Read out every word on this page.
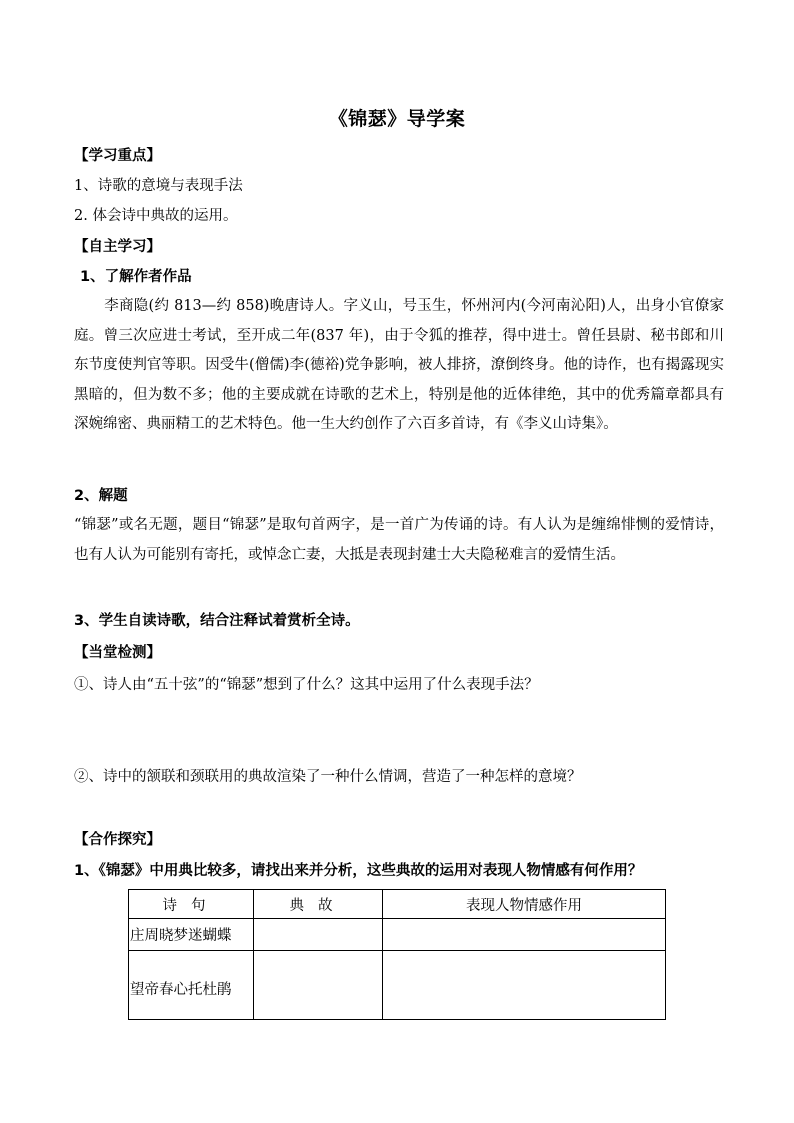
《锦瑟》导学案
【学习重点】
1、诗歌的意境与表现手法
2. 体会诗中典故的运用。
【自主学习】
1、了解作者作品
李商隐(约 813—约 858)晚唐诗人。字义山，号玉生，怀州河内(今河南沁阳)人，出身小官僚家庭。曾三次应进士考试，至开成二年(837 年)，由于令狐的推荐，得中进士。曾任县尉、秘书郎和川东节度使判官等职。因受牛(僧儒)李(德裕)党争影响，被人排挤，潦倒终身。他的诗作，也有揭露现实黑暗的，但为数不多；他的主要成就在诗歌的艺术上，特别是他的近体律绝，其中的优秀篇章都具有深婉绵密、典丽精工的艺术特色。他一生大约创作了六百多首诗，有《李义山诗集》。
2、解题
“锦瑟”或名无题，题目“锦瑟”是取句首两字，是一首广为传诵的诗。有人认为是缠绵悱恻的爱情诗，也有人认为可能别有寄托，或悼念亡妻，大抵是表现封建士大夫隐秘难言的爱情生活。
3、学生自读诗歌，结合注释试着赏析全诗。
【当堂检测】
①、诗人由“五十弦”的“锦瑟”想到了什么？这其中运用了什么表现手法？
②、诗中的颔联和颈联用的典故渲染了一种什么情调，营造了一种怎样的意境？
【合作探究】
1、《锦瑟》中用典比较多，请找出来并分析，这些典故的运用对表现人物情感有何作用？
诗句	典故	表现人物情感作用
庄周晓梦迷蝴蝶		
望帝春心托杜鹃		
